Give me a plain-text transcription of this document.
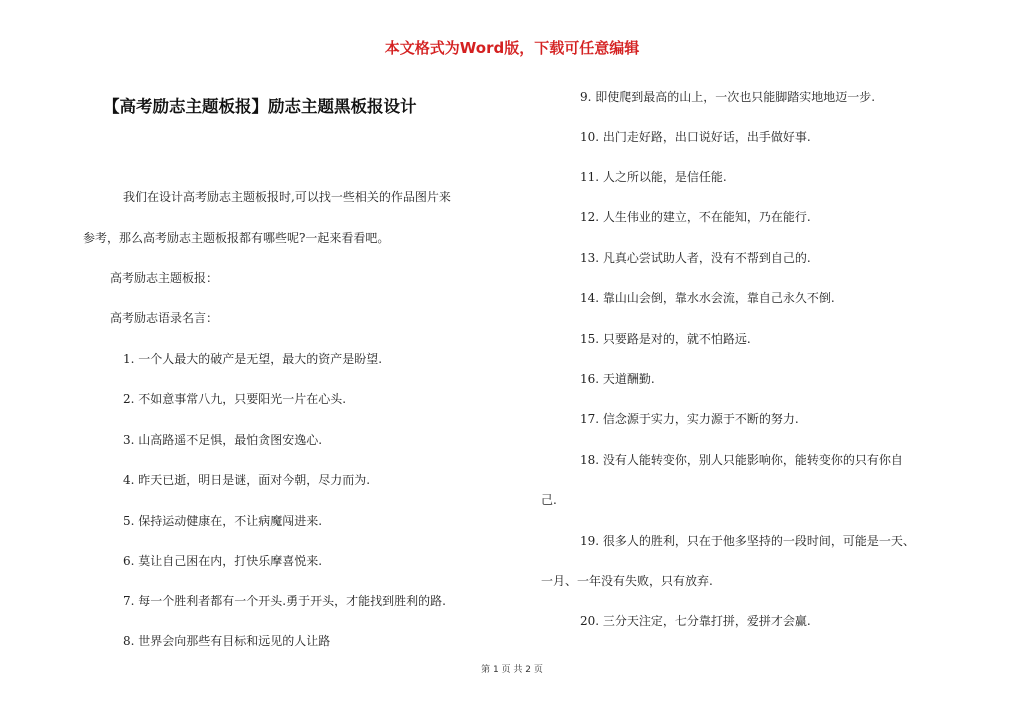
本文格式为Word版，下载可任意编辑
【高考励志主题板报】励志主题黑板报设计
我们在设计高考励志主题板报时,可以找一些相关的作品图片来
参考，那么高考励志主题板报都有哪些呢?一起来看看吧。
高考励志主题板报：
高考励志语录名言：
1. 一个人最大的破产是无望，最大的资产是盼望.
2. 不如意事常八九，只要阳光一片在心头.
3. 山高路遥不足惧，最怕贪图安逸心.
4. 昨天已逝，明日是谜，面对今朝，尽力而为.
5. 保持运动健康在，不让病魔闯进来.
6. 莫让自己困在内，打快乐摩喜悦来.
7. 每一个胜利者都有一个开头.勇于开头，才能找到胜利的路.
8. 世界会向那些有目标和远见的人让路
9. 即使爬到最高的山上，一次也只能脚踏实地地迈一步.
10. 出门走好路，出口说好话，出手做好事.
11. 人之所以能，是信任能.
12. 人生伟业的建立，不在能知，乃在能行.
13. 凡真心尝试助人者，没有不帮到自己的.
14. 靠山山会倒，靠水水会流，靠自己永久不倒.
15. 只要路是对的，就不怕路远.
16. 天道酬勤.
17. 信念源于实力，实力源于不断的努力.
18. 没有人能转变你，别人只能影响你，能转变你的只有你自
己.
19. 很多人的胜利，只在于他多坚持的一段时间，可能是一天、
一月、一年没有失败，只有放弃.
20. 三分天注定，七分靠打拼，爱拼才会赢.
第 1 页 共 2 页
